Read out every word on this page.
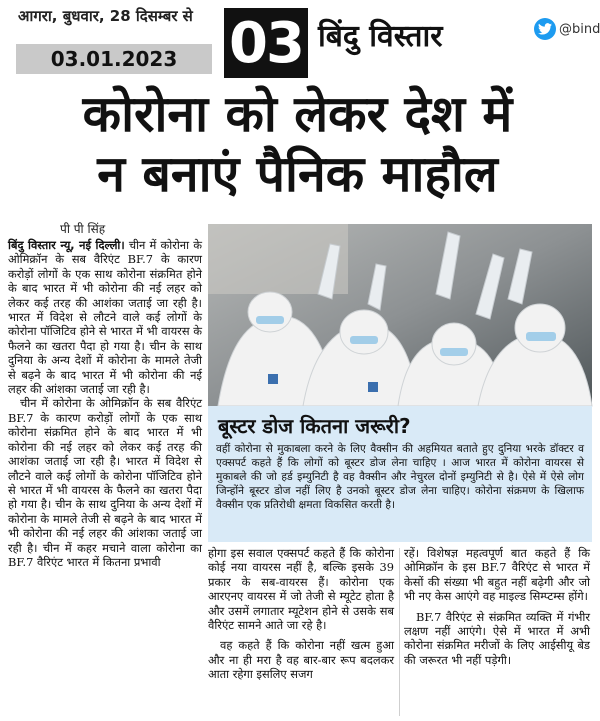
आगरा, बुधवार, 28 दिसम्बर से
03.01.2023 03 बिंदु विस्तार	@bind
कोरोना को लेकर देश में
न बनाएं पैनिक माहौल
पी पी सिंह

बिंदु विस्तार न्यू, नई दिल्ली। चीन में कोरोना के ओमिक्रॉन के सब वैरिएंट BF.7 के कारण करोड़ों लोगों के एक साथ कोरोना संक्रमित होने के बाद भारत में भी कोरोना की नई लहर को लेकर कई तरह की आशंका जताई जा रही है। भारत में विदेश से लौटने वाले कई लोगों के कोरोना पॉजिटिव होने से भारत में भी वायरस के फैलने का खतरा पैदा हो गया है। चीन के साथ दुनिया के अन्य देशों में कोरोना के मामले तेजी से बढ़ने के बाद भारत में भी कोरोना की नई लहर की आंशका जताई जा रही है।

चीन में कोरोना के ओमिक्रॉन के सब वैरिएंट BF.7 के कारण करोड़ों लोगों के एक साथ कोरोना संक्रमित होने के बाद भारत में भी कोरोना की नई लहर को लेकर कई तरह की आशंका जताई जा रही है। भारत में विदेश से लौटने वाले कई लोगों के कोरोना पॉजिटिव होने से भारत में भी वायरस के फैलने का खतरा पैदा हो गया है। चीन के साथ दुनिया के अन्य देशों में कोरोना के मामले तेजी से बढ़ने के बाद भारत में भी कोरोना की नई लहर की आंशका जताई जा रही है। चीन में कहर मचाने वाला कोरोना का BF.7 वैरिएंट भारत में कितना प्रभावी

बूस्टर डोज कितना जरूरी?
वहीं कोरोना से मुकाबला करने के लिए वैक्सीन की अहमियत बताते हुए दुनिया भरके डॉक्टर व एक्सपर्ट कहते हैं कि लोगों को बूस्टर डोज लेना चाहिए । आज भारत में कोरोना वायरस से मुकाबले की जो हर्ड इम्युनिटी है वह वैक्सीन और नेचुरल दोनों इम्युनिटी से है। ऐसे में ऐसे लोग जिन्होंने बूस्टर डोज नहीं लिए है उनको बूस्टर डोज लेना चाहिए। कोरोना संक्रमण के खिलाफ वैक्सीन एक प्रतिरोधी क्षमता विकसित करती है।

होगा इस सवाल एक्सपर्ट कहते हैं कि कोरोना कोई नया वायरस नहीं है, बल्कि इसके 39 प्रकार के सब-वायरस हैं। कोरोना एक आरएनए वायरस में जो तेजी से म्यूटेट होता है और उसमें लगातार म्यूटेशन होने से उसके सब वैरिएंट सामने आते जा रहे है।

वह कहते हैं कि कोरोना नहीं खत्म हुआ और ना ही मरा है वह बार-बार रूप बदलकर आता रहेगा इसलिए सजग

रहें। विशेषज्ञ महत्वपूर्ण बात कहते हैं कि ओमिक्रॉन के इस BF.7 वैरिएंट से भारत में केसों की संख्या भी बहुत नहीं बढ़ेगी और जो भी नए केस आएंगे वह माइल्ड सिम्प्टम्स होंगे।

BF.7 वैरिएंट से संक्रमित व्यक्ति में गंभीर लक्षण नहीं आएंगे। ऐसे में भारत में अभी कोरोना संक्रमित मरीजों के लिए आईसीयू बेड की जरूरत भी नहीं पड़ेगी।
